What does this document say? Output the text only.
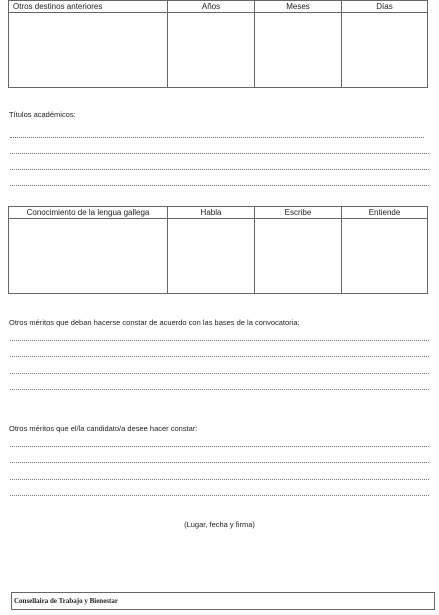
Otros destinos anteriores	Años	Meses	Días

Títulos académicos:
Conocimiento de la lengua gallega	Habla	Escribe	Entiende

Otros méritos que deban hacerse constar de acuerdo con las bases de la convocatoria:
Otros méritos que el/la candidato/a desee hacer constar:
(Lugar, fecha y firma)
Consellaira de Trabajo y Bienestar
